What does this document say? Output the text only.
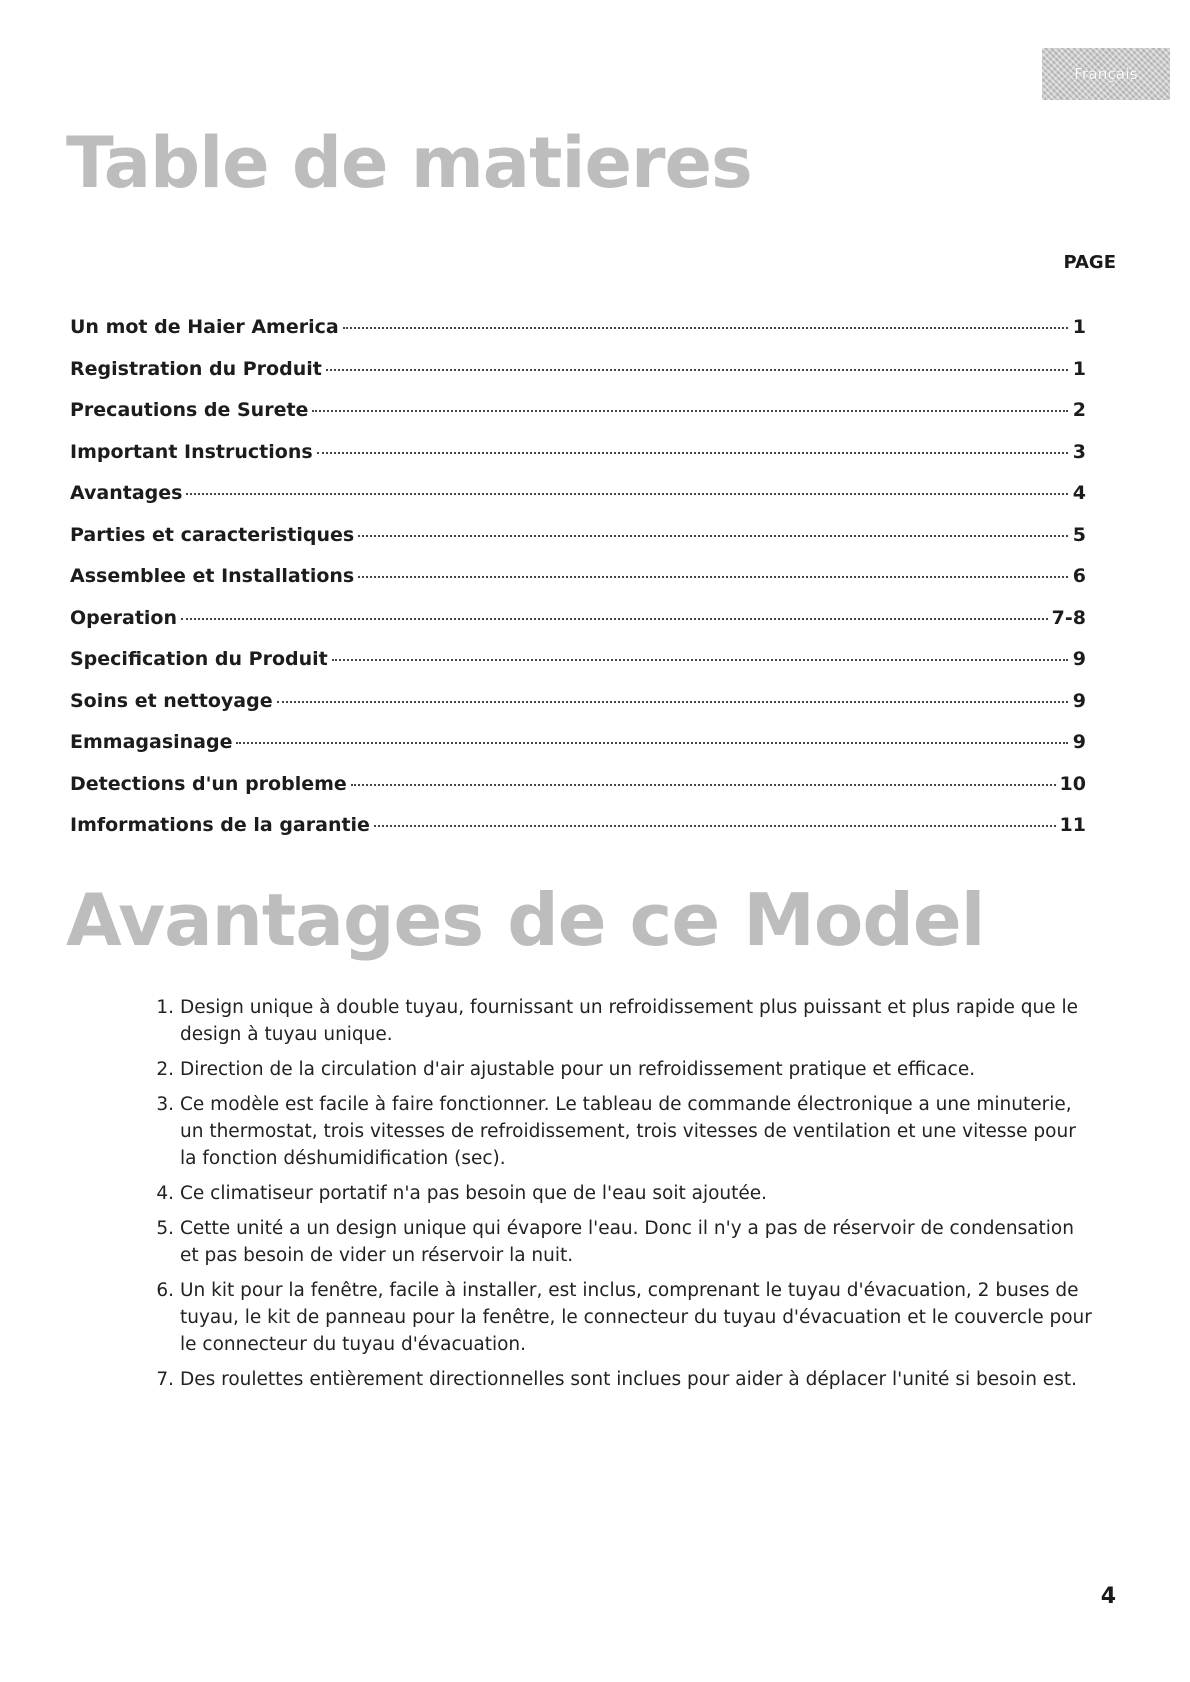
Français
Table de matieres
PAGE
Un mot de Haier America	1
Registration du Produit	1
Precautions de Surete	2
Important Instructions	3
Avantages	4
Parties et caracteristiques	5
Assemblee et Installations	6
Operation	7-8
Specification du Produit	9
Soins et nettoyage	9
Emmagasinage	9
Detections d'un probleme	10
Imformations de la garantie	11
Avantages de ce Model
1. Design unique à double tuyau, fournissant un refroidissement plus puissant et plus rapide que le design à tuyau unique.
2. Direction de la circulation d'air ajustable pour un refroidissement pratique et efficace.
3. Ce modèle est facile à faire fonctionner. Le tableau de commande électronique a une minuterie, un thermostat, trois vitesses de refroidissement, trois vitesses de ventilation et une vitesse pour la fonction déshumidification (sec).
4. Ce climatiseur portatif n'a pas besoin que de l'eau soit ajoutée.
5. Cette unité a un design unique qui évapore l'eau. Donc il n'y a pas de réservoir de condensation et pas besoin de vider un réservoir la nuit.
6. Un kit pour la fenêtre, facile à installer, est inclus, comprenant le tuyau d'évacuation, 2 buses de tuyau, le kit de panneau pour la fenêtre, le connecteur du tuyau d'évacuation et le couvercle pour le connecteur du tuyau d'évacuation.
7. Des roulettes entièrement directionnelles sont inclues pour aider à déplacer l'unité si besoin est.
4
